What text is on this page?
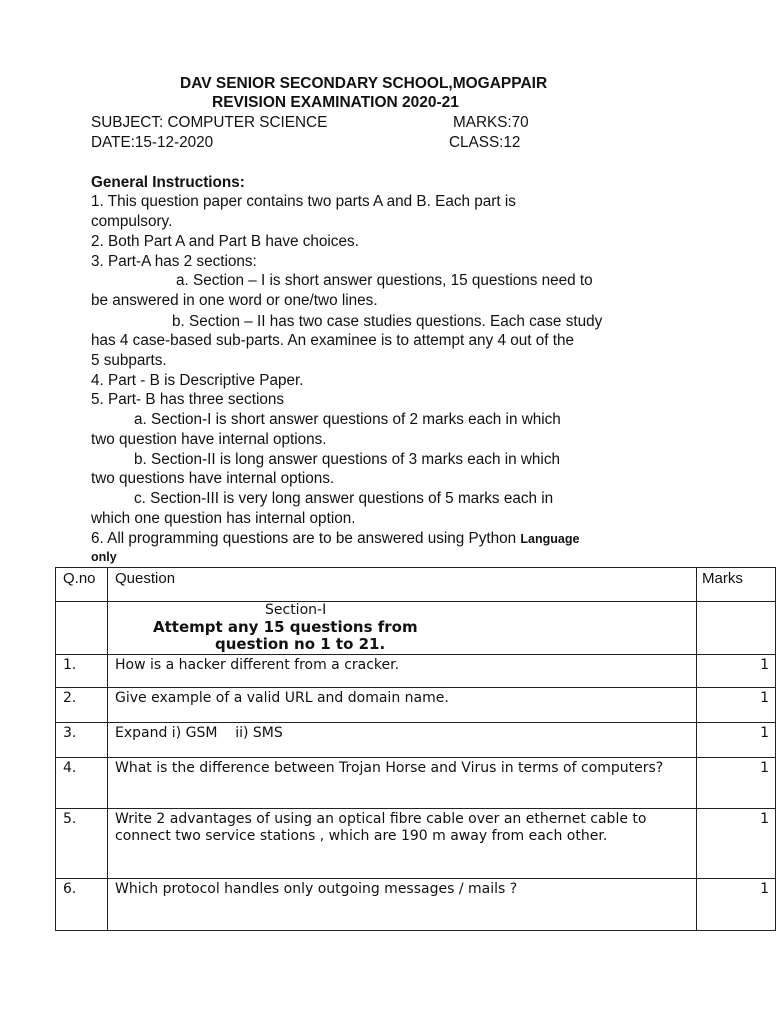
DAV SENIOR SECONDARY SCHOOL,MOGAPPAIR
REVISION EXAMINATION 2020-21
SUBJECT: COMPUTER SCIENCE	MARKS:70
DATE:15-12-2020	CLASS:12
General Instructions:
1. This question paper contains two parts A and B. Each part is
compulsory.
2. Both Part A and Part B have choices.
3. Part-A has 2 sections:
a. Section – I is short answer questions, 15 questions need to
be answered in one word or one/two lines.
b. Section – II has two case studies questions. Each case study
has 4 case-based sub-parts. An examinee is to attempt any 4 out of the
5 subparts.
4. Part - B is Descriptive Paper.
5. Part- B has three sections
a. Section-I is short answer questions of 2 marks each in which
two question have internal options.
b. Section-II is long answer questions of 3 marks each in which
two questions have internal options.
c. Section-III is very long answer questions of 5 marks each in
which one question has internal option.
6. All programming questions are to be answered using Python Language
only
Q.no	Question	Marks

	Section-I
Attempt any 15 questions from
question no 1 to 21.	

1.	How is a hacker different from a cracker.	1
2.	Give example of a valid URL and domain name.	1
3.	Expand i) GSM    ii) SMS	1
4.	What is the difference between Trojan Horse and Virus in terms of computers?	1
5.	Write 2 advantages of using an optical fibre cable over an ethernet cable to connect two service stations , which are 190 m away from each other.	1
6.	Which protocol handles only outgoing messages / mails ?	1
